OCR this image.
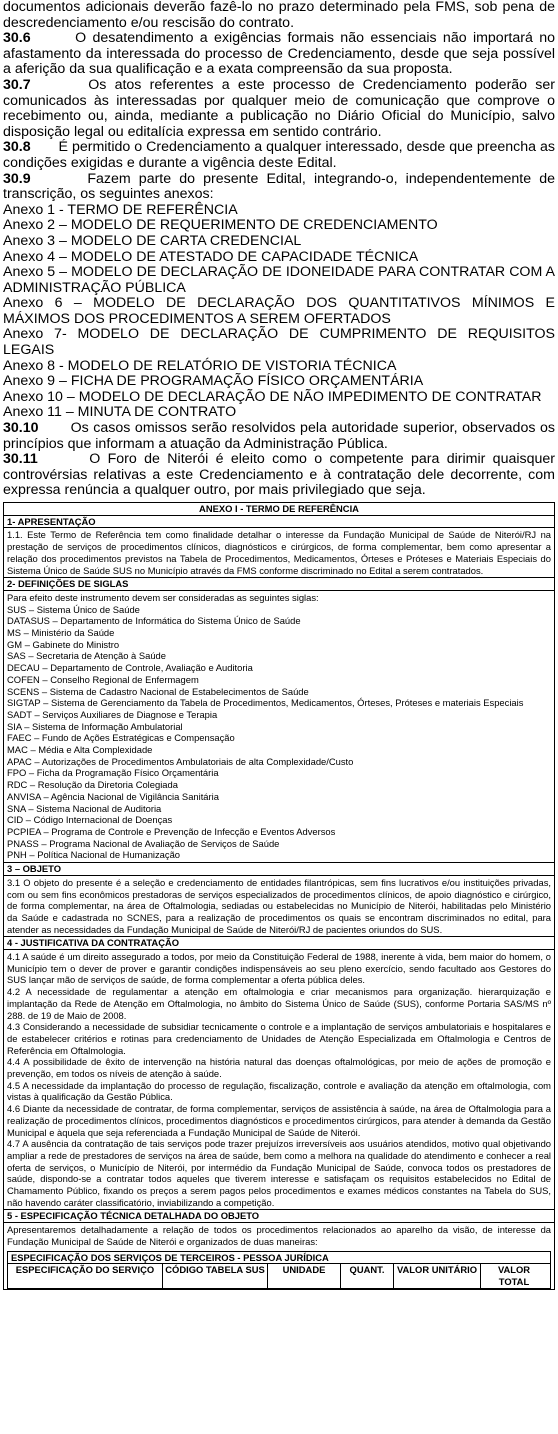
documentos adicionais deverão fazê-lo no prazo determinado pela FMS, sob pena de descredenciamento e/ou rescisão do contrato.

30.6	O desatendimento a exigências formais não essenciais não importará no afastamento da interessada do processo de Credenciamento, desde que seja possível a aferição da sua qualificação e a exata compreensão da sua proposta.

30.7	Os atos referentes a este processo de Credenciamento poderão ser comunicados às interessadas por qualquer meio de comunicação que comprove o recebimento ou, ainda, mediante a publicação no Diário Oficial do Município, salvo disposição legal ou editalícia expressa em sentido contrário.

30.8 É permitido o Credenciamento a qualquer interessado, desde que preencha as condições exigidas e durante a vigência deste Edital.

30.9	Fazem parte do presente Edital, integrando-o, independentemente de transcrição, os seguintes anexos:

Anexo 1 - TERMO DE REFERÊNCIA

Anexo 2 – MODELO DE REQUERIMENTO DE CREDENCIAMENTO

Anexo 3 – MODELO DE CARTA CREDENCIAL

Anexo 4 – MODELO DE ATESTADO DE CAPACIDADE TÉCNICA

Anexo 5 – MODELO DE DECLARAÇÃO DE IDONEIDADE PARA CONTRATAR COM A ADMINISTRAÇÃO PÚBLICA

Anexo 6 – MODELO DE DECLARAÇÃO DOS QUANTITATIVOS MÍNIMOS E MÁXIMOS DOS PROCEDIMENTOS A SEREM OFERTADOS

Anexo 7- MODELO DE DECLARAÇÃO DE CUMPRIMENTO DE REQUISITOS LEGAIS

Anexo 8 - MODELO DE RELATÓRIO DE VISTORIA TÉCNICA

Anexo 9 – FICHA DE PROGRAMAÇÃO FÍSICO ORÇAMENTÁRIA

Anexo 10 – MODELO DE DECLARAÇÃO DE NÃO IMPEDIMENTO DE CONTRATAR

Anexo 11 – MINUTA DE CONTRATO

30.10 Os casos omissos serão resolvidos pela autoridade superior, observados os princípios que informam a atuação da Administração Pública.

30.11	O Foro de Niterói é eleito como o competente para dirimir quaisquer controvérsias relativas a este Credenciamento e à contratação dele decorrente, com expressa renúncia a qualquer outro, por mais privilegiado que seja.

ANEXO I - TERMO DE REFERÊNCIA
1- APRESENTAÇÃO

1.1. Este Termo de Referência tem como finalidade detalhar o interesse da Fundação Municipal de Saúde de Niterói/RJ na prestação de serviços de procedimentos clínicos, diagnósticos e cirúrgicos, de forma complementar, bem como apresentar a relação dos procedimentos previstos na Tabela de Procedimentos, Medicamentos, Órteses e Próteses e Materiais Especiais do Sistema Único de Saúde SUS no Município através da FMS conforme discriminado no Edital a serem contratados.

2- DEFINIÇÕES DE SIGLAS
Para efeito deste instrumento devem ser consideradas as seguintes siglas:
SUS – Sistema Único de Saúde
DATASUS – Departamento de Informática do Sistema Único de Saúde
MS – Ministério da Saúde
GM – Gabinete do Ministro
SAS – Secretaria de Atenção à Saúde
DECAU – Departamento de Controle, Avaliação e Auditoria
COFEN – Conselho Regional de Enfermagem
SCENS – Sistema de Cadastro Nacional de Estabelecimentos de Saúde
SIGTAP – Sistema de Gerenciamento da Tabela de Procedimentos, Medicamentos, Órteses, Próteses e materiais Especiais
SADT – Serviços Auxiliares de Diagnose e Terapia
SIA – Sistema de Informação Ambulatorial
FAEC – Fundo de Ações Estratégicas e Compensação
MAC – Média e Alta Complexidade
APAC – Autorizações de Procedimentos Ambulatoriais de alta Complexidade/Custo
FPO – Ficha da Programação Físico Orçamentária
RDC – Resolução da Diretoria Colegiada
ANVISA – Agência Nacional de Vigilância Sanitária
SNA – Sistema Nacional de Auditoria
CID – Código Internacional de Doenças
PCPIEA – Programa de Controle e Prevenção de Infecção e Eventos Adversos
PNASS – Programa Nacional de Avaliação de Serviços de Saúde
PNH – Política Nacional de Humanização
3 – OBJETO

3.1 O objeto do presente é a seleção e credenciamento de entidades filantrópicas, sem fins lucrativos e/ou instituições privadas, com ou sem fins econômicos prestadoras de serviços especializados de procedimentos clínicos, de apoio diagnóstico e cirúrgico, de forma complementar, na área de Oftalmologia, sediadas ou estabelecidas no Município de Niterói, habilitadas pelo Ministério da Saúde e cadastrada no SCNES, para a realização de procedimentos os quais se encontram discriminados no edital, para atender as necessidades da Fundação Municipal de Saúde de Niterói/RJ de pacientes oriundos do SUS.

4 - JUSTIFICATIVA DA CONTRATAÇÃO

4.1 A saúde é um direito assegurado a todos, por meio da Constituição Federal de 1988, inerente à vida, bem maior do homem, o Município tem o dever de prover e garantir condições indispensáveis ao seu pleno exercício, sendo facultado aos Gestores do SUS lançar mão de serviços de saúde, de forma complementar a oferta pública deles.

4.2 A necessidade de regulamentar a atenção em oftalmologia e criar mecanismos para organização. hierarquização e implantação da Rede de Atenção em Oftalmologia, no âmbito do Sistema Único de Saúde (SUS), conforme Portaria SAS/MS nº 288. de 19 de Maio de 2008.

4.3 Considerando a necessidade de subsidiar tecnicamente o controle e a implantação de serviços ambulatoriais e hospitalares e de estabelecer critérios e rotinas para credenciamento de Unidades de Atenção Especializada em Oftalmologia e Centros de Referência em Oftalmologia.

4.4 A possibilidade de êxito de intervenção na história natural das doenças oftalmológicas, por meio de ações de promoção e prevenção, em todos os níveis de atenção à saúde.

4.5 A necessidade da implantação do processo de regulação, fiscalização, controle e avaliação da atenção em oftalmologia, com vistas à qualificação da Gestão Pública.

4.6 Diante da necessidade de contratar, de forma complementar, serviços de assistência à saúde, na área de Oftalmologia para a realização de procedimentos clínicos, procedimentos diagnósticos e procedimentos cirúrgicos, para atender à demanda da Gestão Municipal e àquela que seja referenciada a Fundação Municipal de Saúde de Niterói.

4.7 A ausência da contratação de tais serviços pode trazer prejuízos irreversíveis aos usuários atendidos, motivo qual objetivando ampliar a rede de prestadores de serviços na área de saúde, bem como a melhora na qualidade do atendimento e conhecer a real oferta de serviços, o Município de Niterói, por intermédio da Fundação Municipal de Saúde, convoca todos os prestadores de saúde, dispondo-se a contratar todos aqueles que tiverem interesse e satisfaçam os requisitos estabelecidos no Edital de Chamamento Público, fixando os preços a serem pagos pelos procedimentos e exames médicos constantes na Tabela do SUS, não havendo caráter classificatório, inviabilizando a competição.

5 - ESPECIFICAÇÃO TÉCNICA DETALHADA DO OBJETO

Apresentaremos detalhadamente a relação de todos os procedimentos relacionados ao aparelho da visão, de interesse da Fundação Municipal de Saúde de Niterói e organizados de duas maneiras:

ESPECIFICAÇÃO DOS SERVIÇOS DE TERCEIROS - PESSOA JURÍDICA
ESPECIFICAÇÃO DO SERVIÇO	CÓDIGO TABELA SUS	UNIDADE	QUANT.	VALOR UNITÁRIO	VALOR TOTAL
